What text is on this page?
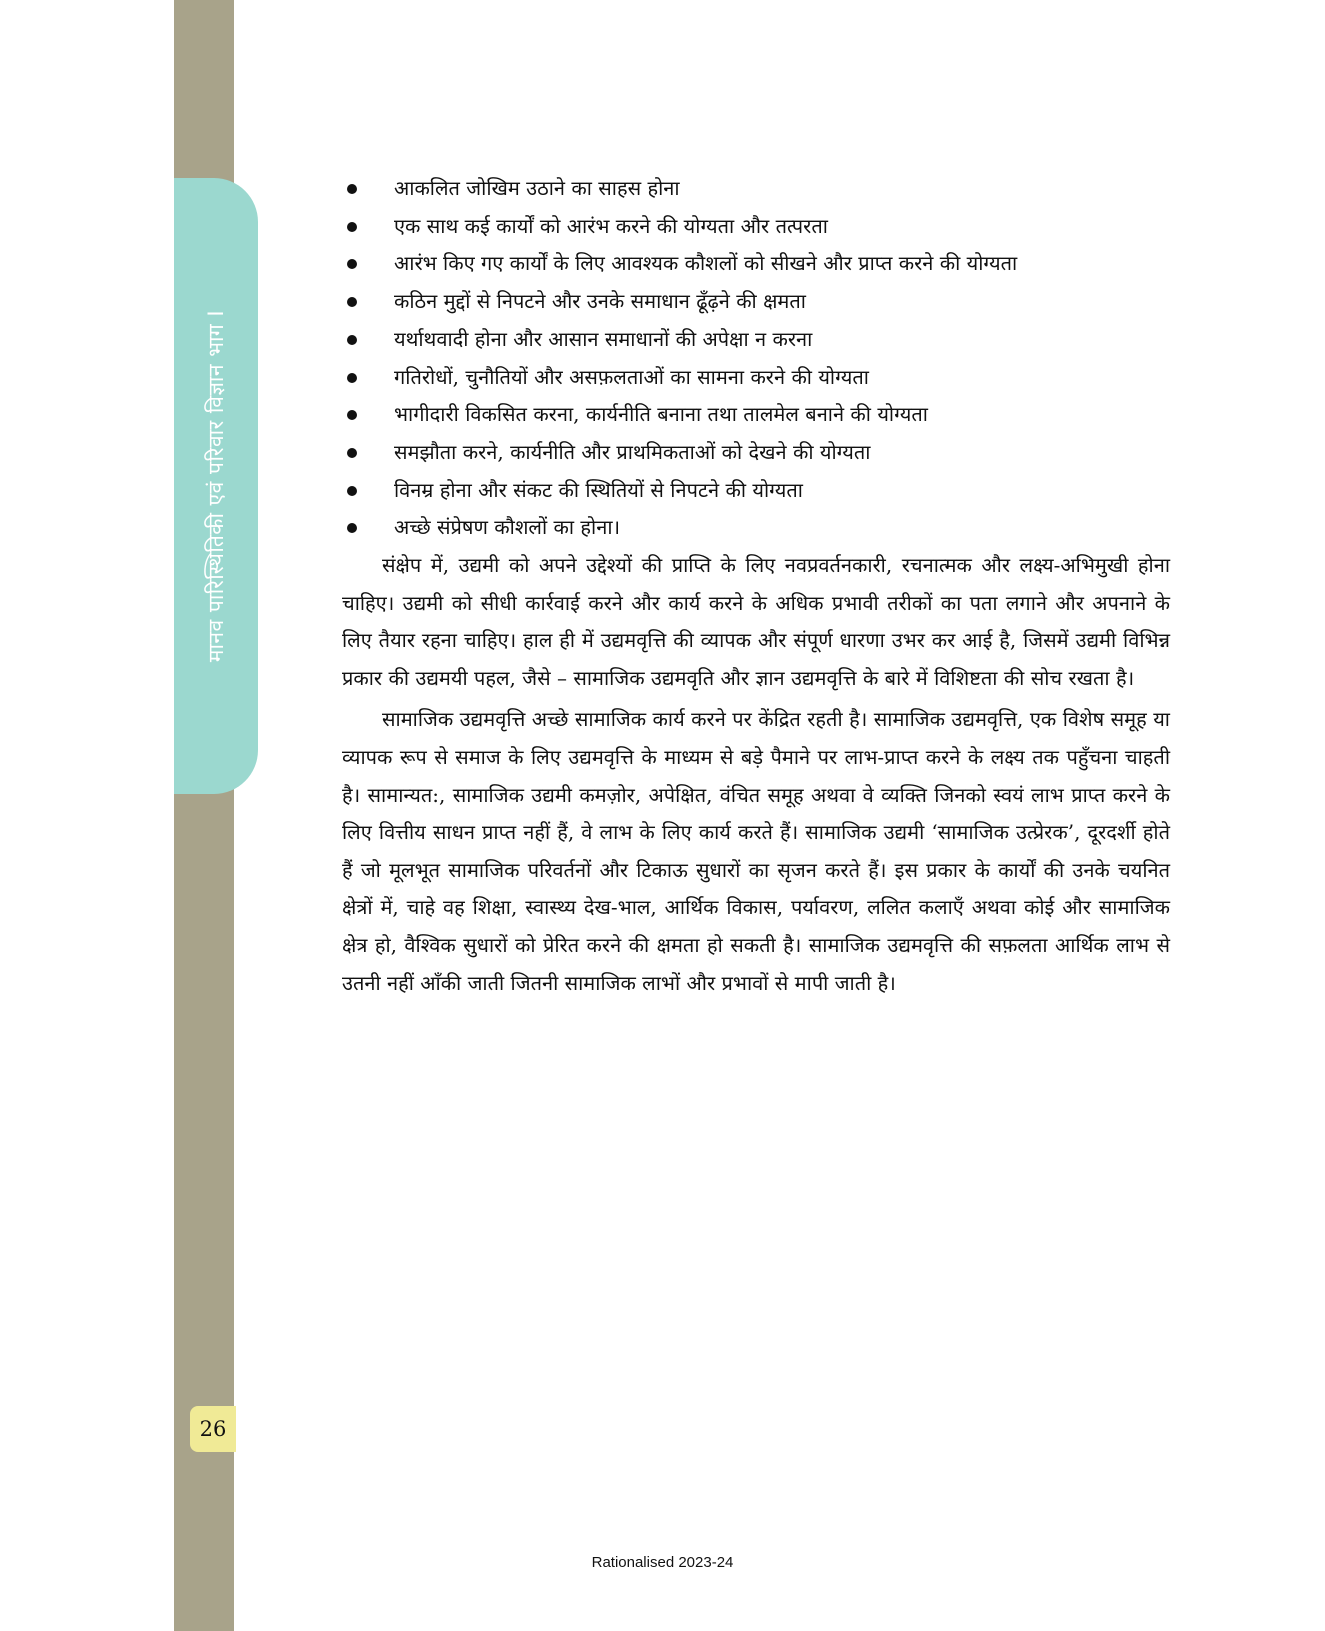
मानव पारिस्थितिकी एवं परिवार विज्ञान भाग I
26
आकलित जोखिम उठाने का साहस होना
एक साथ कई कार्यों को आरंभ करने की योग्यता और तत्परता
आरंभ किए गए कार्यों के लिए आवश्यक कौशलों को सीखने और प्राप्त करने की योग्यता
कठिन मुद्दों से निपटने और उनके समाधान ढूँढ़ने की क्षमता
यर्थाथवादी होना और आसान समाधानों की अपेक्षा न करना
गतिरोधों, चुनौतियों और असफ़लताओं का सामना करने की योग्यता
भागीदारी विकसित करना, कार्यनीति बनाना तथा तालमेल बनाने की योग्यता
समझौता करने, कार्यनीति और प्राथमिकताओं को देखने की योग्यता
विनम्र होना और संकट की स्थितियों से निपटने की योग्यता
अच्छे संप्रेषण कौशलों का होना।

संक्षेप में, उद्यमी को अपने उद्देश्यों की प्राप्ति के लिए नवप्रवर्तनकारी, रचनात्मक और लक्ष्य-अभिमुखी होना चाहिए। उद्यमी को सीधी कार्रवाई करने और कार्य करने के अधिक प्रभावी तरीकों का पता लगाने और अपनाने के लिए तैयार रहना चाहिए। हाल ही में उद्यमवृत्ति की व्यापक और संपूर्ण धारणा उभर कर आई है, जिसमें उद्यमी विभिन्न प्रकार की उद्यमयी पहल, जैसे – सामाजिक उद्यमवृति और ज्ञान उद्यमवृत्ति के बारे में विशिष्टता की सोच रखता है।

सामाजिक उद्यमवृत्ति अच्छे सामाजिक कार्य करने पर केंद्रित रहती है। सामाजिक उद्यमवृत्ति, एक विशेष समूह या व्यापक रूप से समाज के लिए उद्यमवृत्ति के माध्यम से बड़े पैमाने पर लाभ-प्राप्त करने के लक्ष्य तक पहुँचना चाहती है। सामान्यत:, सामाजिक उद्यमी कमज़ोर, अपेक्षित, वंचित समूह अथवा वे व्यक्ति जिनको स्वयं लाभ प्राप्त करने के लिए वित्तीय साधन प्राप्त नहीं हैं, वे लाभ के लिए कार्य करते हैं। सामाजिक उद्यमी ‘सामाजिक उत्प्रेरक’, दूरदर्शी होते हैं जो मूलभूत सामाजिक परिवर्तनों और टिकाऊ सुधारों का सृजन करते हैं। इस प्रकार के कार्यों की उनके चयनित क्षेत्रों में, चाहे वह शिक्षा, स्वास्थ्य देख-भाल, आर्थिक विकास, पर्यावरण, ललित कलाएँ अथवा कोई और सामाजिक क्षेत्र हो, वैश्विक सुधारों को प्रेरित करने की क्षमता हो सकती है। सामाजिक उद्यमवृत्ति की सफ़लता आर्थिक लाभ से उतनी नहीं आँकी जाती जितनी सामाजिक लाभों और प्रभावों से मापी जाती है।

Rationalised 2023-24
